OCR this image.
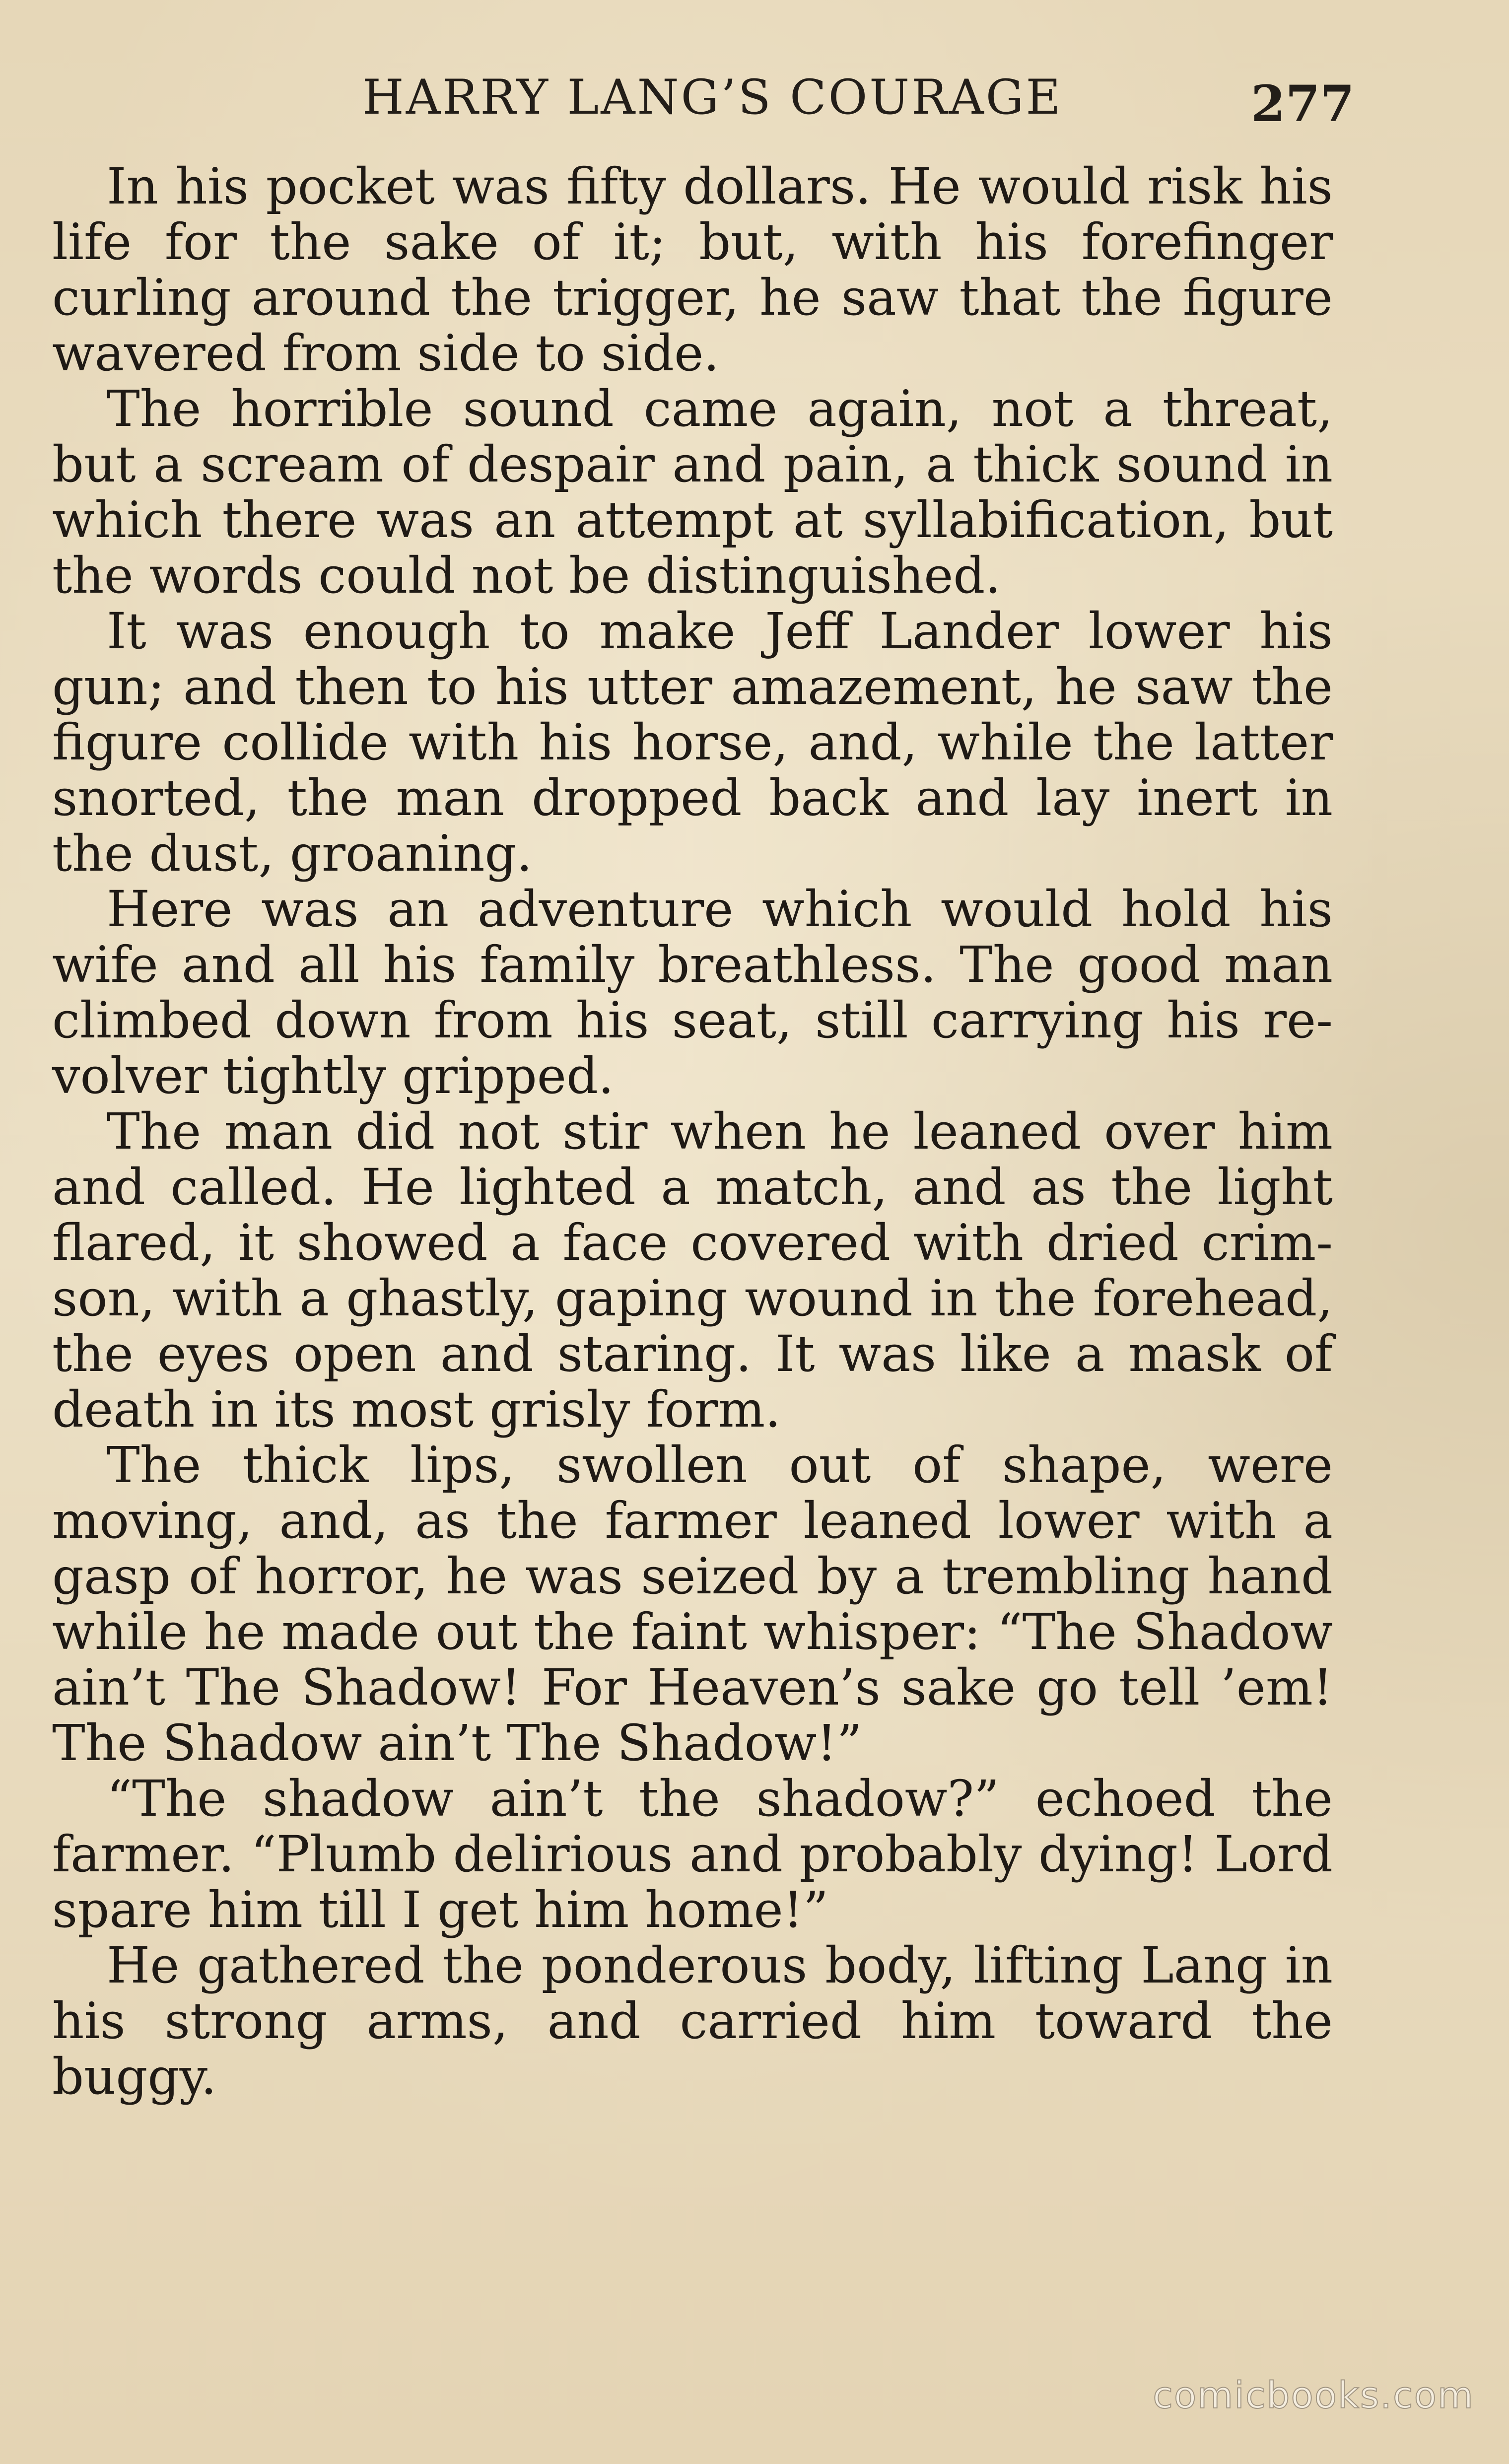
HARRY LANG’S COURAGE	277

In his pocket was fifty dollars. He would risk his life for the sake of it; but, with his forefinger curling around the trigger, he saw that the figure wavered from side to side.

The horrible sound came again, not a threat, but a scream of despair and pain, a thick sound in which there was an attempt at syllabification, but the words could not be distinguished.

It was enough to make Jeff Lander lower his gun; and then to his utter amazement, he saw the figure collide with his horse, and, while the latter snorted, the man dropped back and lay inert in the dust, groaning.

Here was an adventure which would hold his wife and all his family breathless. The good man climbed down from his seat, still carrying his revolver tightly gripped.

The man did not stir when he leaned over him and called. He lighted a match, and as the light flared, it showed a face covered with dried crimson, with a ghastly, gaping wound in the forehead, the eyes open and staring. It was like a mask of death in its most grisly form.

The thick lips, swollen out of shape, were moving, and, as the farmer leaned lower with a gasp of horror, he was seized by a trembling hand while he made out the faint whisper: “The Shadow ain’t The Shadow! For Heaven’s sake go tell ’em! The Shadow ain’t The Shadow!”

“The shadow ain’t the shadow?” echoed the farmer. “Plumb delirious and probably dying! Lord spare him till I get him home!”

He gathered the ponderous body, lifting Lang in his strong arms, and carried him toward the buggy.

comicbooks.com
